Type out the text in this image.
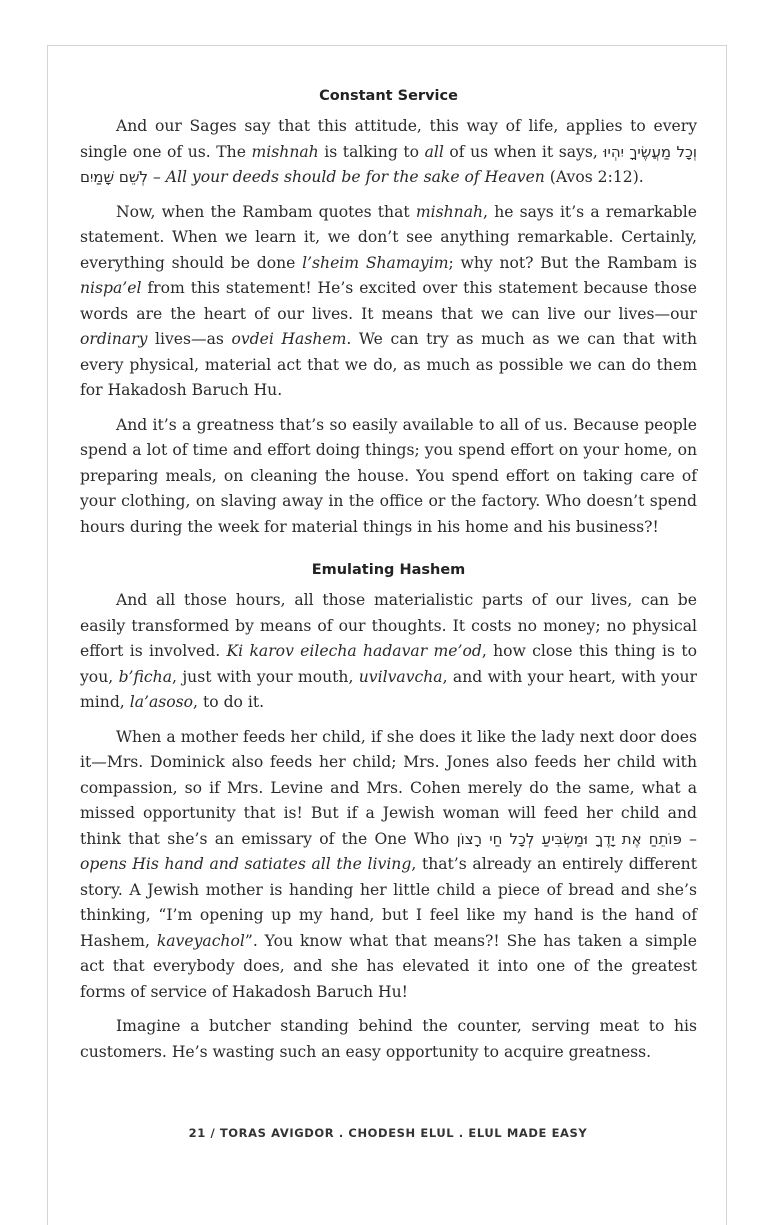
Constant Service

And our Sages say that this attitude, this way of life, applies to every single one of us. The mishnah is talking to all of us when it says, וְכָל מַעֲשֶׂיךָ יִהְיוּ לְשֵׁם שָׁמַיִם – All your deeds should be for the sake of Heaven (Avos 2:12).

Now, when the Rambam quotes that mishnah, he says it’s a remarkable statement. When we learn it, we don’t see anything remarkable. Certainly, everything should be done l’sheim Shamayim; why not? But the Rambam is nispa’el from this statement! He’s excited over this statement because those words are the heart of our lives. It means that we can live our lives—our ordinary lives—as ovdei Hashem. We can try as much as we can that with every physical, material act that we do, as much as possible we can do them for Hakadosh Baruch Hu.

And it’s a greatness that’s so easily available to all of us. Because people spend a lot of time and effort doing things; you spend effort on your home, on preparing meals, on cleaning the house. You spend effort on taking care of your clothing, on slaving away in the office or the factory. Who doesn’t spend hours during the week for material things in his home and his business?!

Emulating Hashem

And all those hours, all those materialistic parts of our lives, can be easily transformed by means of our thoughts. It costs no money; no physical effort is involved. Ki karov eilecha hadavar me’od, how close this thing is to you, b’ficha, just with your mouth, uvilvavcha, and with your heart, with your mind, la’asoso, to do it.

When a mother feeds her child, if she does it like the lady next door does it—Mrs. Dominick also feeds her child; Mrs. Jones also feeds her child with compassion, so if Mrs. Levine and Mrs. Cohen merely do the same, what a missed opportunity that is! But if a Jewish woman will feed her child and think that she’s an emissary of the One Who פּוֹתֵחַ אֶת יָדֶךָ וּמַשְׂבִּיעַ לְכָל חַי רָצוֹן – opens His hand and satiates all the living, that’s already an entirely different story. A Jewish mother is handing her little child a piece of bread and she’s thinking, “I’m opening up my hand, but I feel like my hand is the hand of Hashem, kaveyachol”. You know what that means?! She has taken a simple act that everybody does, and she has elevated it into one of the greatest forms of service of Hakadosh Baruch Hu!

Imagine a butcher standing behind the counter, serving meat to his customers. He’s wasting such an easy opportunity to acquire greatness.

21 / TORAS AVIGDOR . CHODESH ELUL . ELUL MADE EASY
